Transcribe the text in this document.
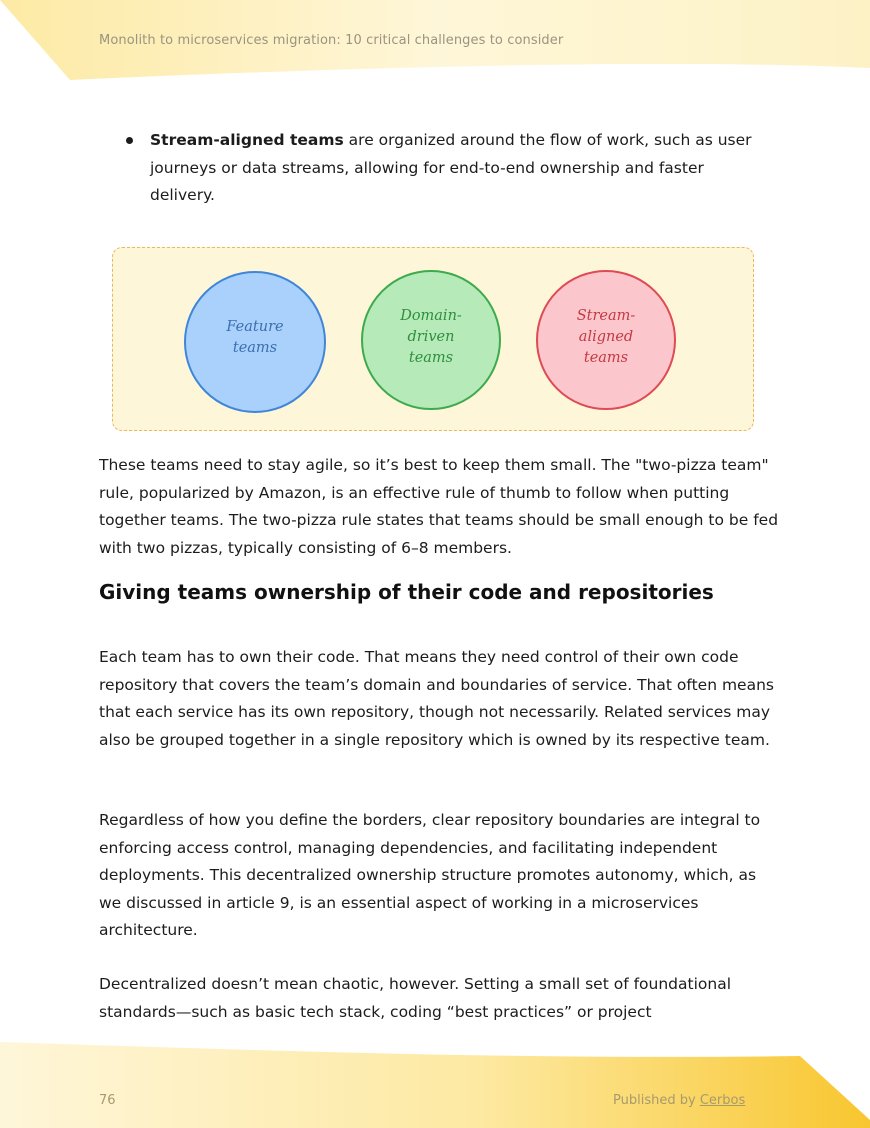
Monolith to microservices migration: 10 critical challenges to consider
Stream-aligned teams are organized around the flow of work, such as user journeys or data streams, allowing for end-to-end ownership and faster delivery.
Feature
teams
Domain-
driven
teams
Stream-
aligned
teams
These teams need to stay agile, so it’s best to keep them small. The "two-pizza team" rule, popularized by Amazon, is an effective rule of thumb to follow when putting together teams. The two-pizza rule states that teams should be small enough to be fed with two pizzas, typically consisting of 6–8 members.
Giving teams ownership of their code and repositories
Each team has to own their code. That means they need control of their own code repository that covers the team’s domain and boundaries of service. That often means that each service has its own repository, though not necessarily. Related services may also be grouped together in a single repository which is owned by its respective team.
Regardless of how you define the borders, clear repository boundaries are integral to enforcing access control, managing dependencies, and facilitating independent deployments. This decentralized ownership structure promotes autonomy, which, as we discussed in article 9, is an essential aspect of working in a microservices architecture.
Decentralized doesn’t mean chaotic, however. Setting a small set of foundational standards—such as basic tech stack, coding “best practices” or project
76	Published by Cerbos
